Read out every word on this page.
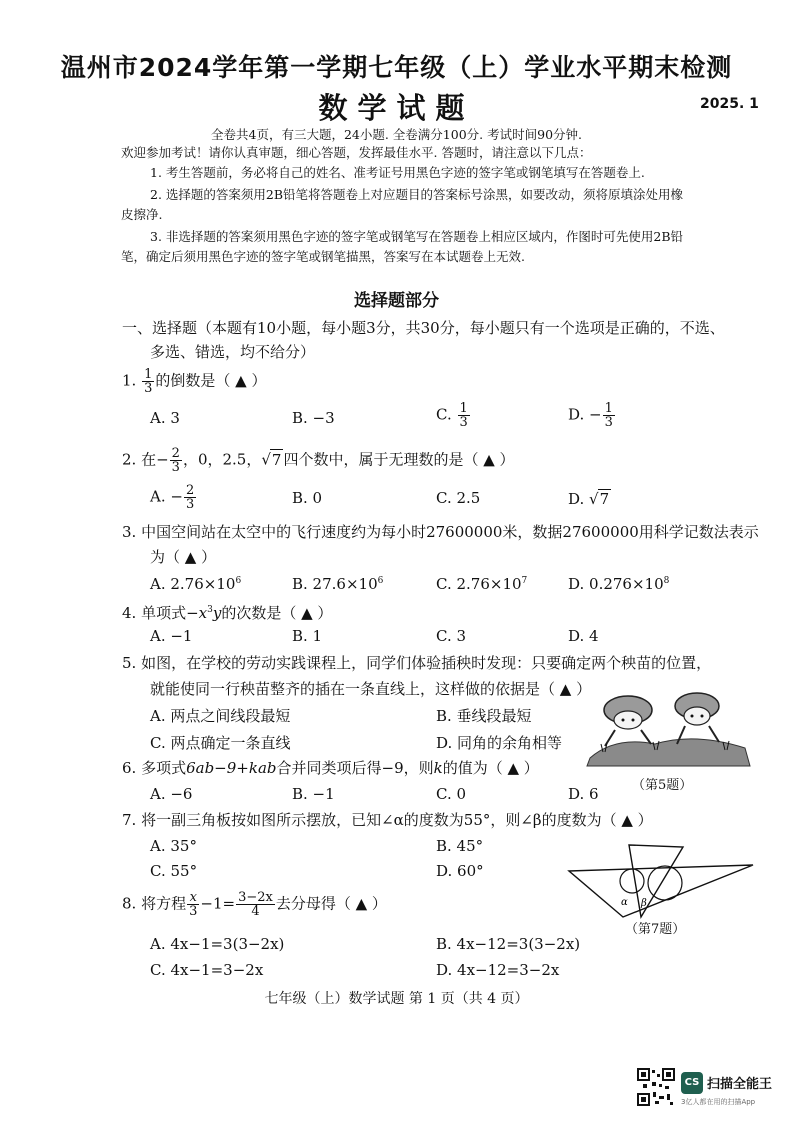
温州市2024学年第一学期七年级（上）学业水平期末检测
数学试题	2025. 1
全卷共4页，有三大题，24小题. 全卷满分100分. 考试时间90分钟.
欢迎参加考试！请你认真审题，细心答题，发挥最佳水平. 答题时，请注意以下几点：
1. 考生答题前，务必将自己的姓名、准考证号用黑色字迹的签字笔或钢笔填写在答题卷上.
2. 选择题的答案须用2B铅笔将答题卷上对应题目的答案标号涂黑，如要改动，须将原填涂处用橡
皮擦净.
3. 非选择题的答案须用黑色字迹的签字笔或钢笔写在答题卷上相应区域内，作图时可先使用2B铅
笔，确定后须用黑色字迹的签字笔或钢笔描黑，答案写在本试题卷上无效.
选择题部分
一、选择题（本题有10小题，每小题3分，共30分，每小题只有一个选项是正确的，不选、
多选、错选，均不给分）
1. $\frac{1}{3}$ 的倒数是（ ▲ ）
A. 3	B. −3	C. $\frac{1}{3}$	D. − $\frac{1}{3}$
2. 在− $\frac{2}{3}$ ，0，2.5，√7 四个数中，属于无理数的是（ ▲ ）
A. − $\frac{2}{3}$	B. 0	C. 2.5	D. √7
3. 中国空间站在太空中的飞行速度约为每小时27600000米，数据27600000用科学记数法表示
为（ ▲ ）
A. $2.76\times 10^6$	B. $27.6\times 10^6$	C. $2.76\times 10^7$	D. $0.276\times 10^8$
4. 单项式$-x^3y$的次数是（ ▲ ）
A. −1	B. 1	C. 3	D. 4
5. 如图，在学校的劳动实践课程上，同学们体验插秧时发现：只要确定两个秧苗的位置，
就能使同一行秧苗整齐的插在一条直线上，这样做的依据是（ ▲ ）
A. 两点之间线段最短	B. 垂线段最短
C. 两点确定一条直线	D. 同角的余角相等
（第5题）
6. 多项式6ab−9+kab合并同类项后得−9，则k的值为（ ▲ ）
A. −6	B. −1	C. 0	D. 6
7. 将一副三角板按如图所示摆放，已知∠α的度数为55°，则∠β的度数为（ ▲ ）
A. 35°	B. 45°
C. 55°	D. 60°
α β
（第7题）
8. 将方程 $\frac{x}{3} -1= \frac{3-2x}{4}$ 去分母得（ ▲ ）
A. 4x−1=3(3−2x)	B. 4x−12=3(3−2x)
C. 4x−1=3−2x	D. 4x−12=3−2x
七年级（上）数学试题 第 1 页（共 4 页）
CS 扫描全能王
3亿人都在用的扫描App
